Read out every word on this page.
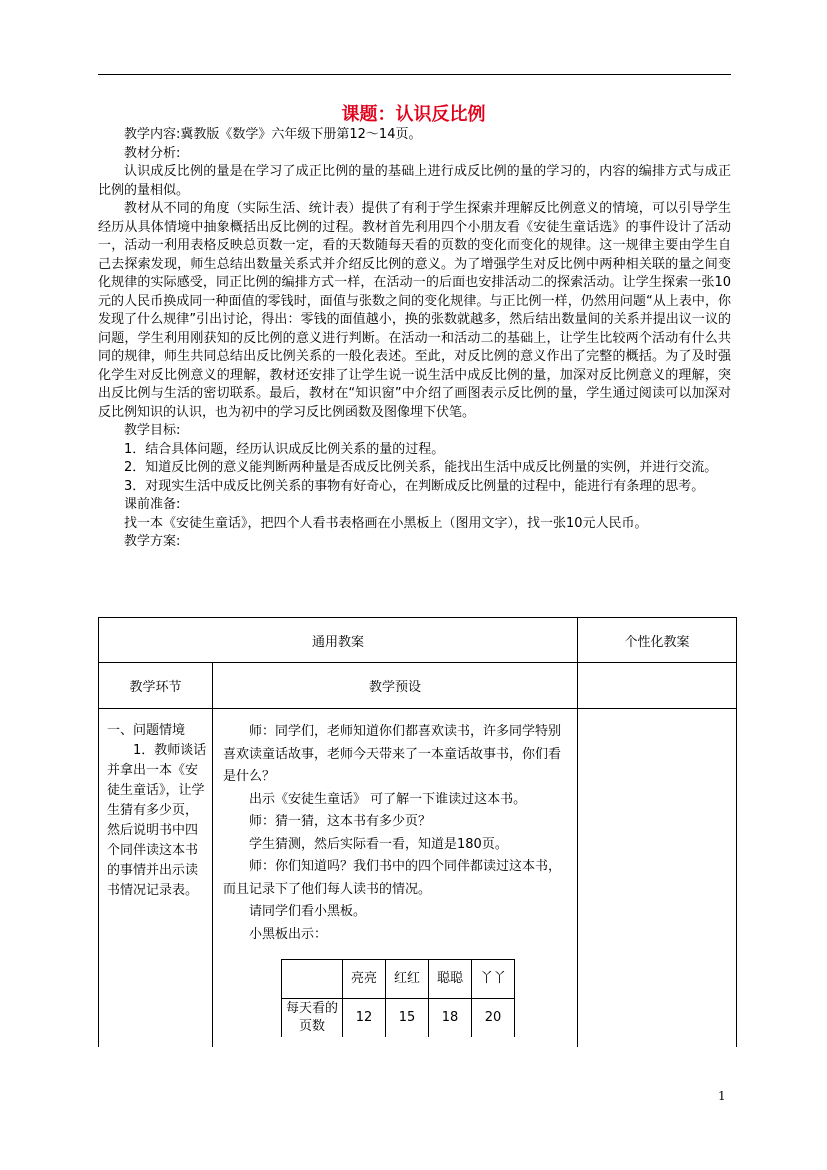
课题：认识反比例

教学内容:冀教版《数学》六年级下册第12～14页。

教材分析:

认识成反比例的量是在学习了成正比例的量的基础上进行成反比例的量的学习的，内容的编排方式与成正比例的量相似。

教材从不同的角度（实际生活、统计表）提供了有利于学生探索并理解反比例意义的情境，可以引导学生经历从具体情境中抽象概括出反比例的过程。教材首先利用四个小朋友看《安徒生童话选》的事件设计了活动一，活动一利用表格反映总页数一定，看的天数随每天看的页数的变化而变化的规律。这一规律主要由学生自己去探索发现，师生总结出数量关系式并介绍反比例的意义。为了增强学生对反比例中两种相关联的量之间变化规律的实际感受，同正比例的编排方式一样，在活动一的后面也安排活动二的探索活动。让学生探索一张10元的人民币换成同一种面值的零钱时，面值与张数之间的变化规律。与正比例一样，仍然用问题“从上表中，你发现了什么规律”引出讨论，得出：零钱的面值越小，换的张数就越多，然后结出数量间的关系并提出议一议的问题，学生利用刚获知的反比例的意义进行判断。在活动一和活动二的基础上，让学生比较两个活动有什么共同的规律，师生共同总结出反比例关系的一般化表述。至此，对反比例的意义作出了完整的概括。为了及时强化学生对反比例意义的理解，教材还安排了让学生说一说生活中成反比例的量，加深对反比例意义的理解，突出反比例与生活的密切联系。最后，教材在“知识窗”中介绍了画图表示反比例的量，学生通过阅读可以加深对反比例知识的认识，也为初中的学习反比例函数及图像埋下伏笔。

教学目标:

1．结合具体问题，经历认识成反比例关系的量的过程。

2．知道反比例的意义能判断两种量是否成反比例关系，能找出生活中成反比例量的实例，并进行交流。

3．对现实生活中成反比例关系的事物有好奇心，在判断成反比例量的过程中，能进行有条理的思考。

课前准备:

找一本《安徒生童话》，把四个人看书表格画在小黑板上（图用文字），找一张10元人民币。

教学方案:

通用教案	个性化教案
教学环节	教学预设	

一、问题情境
1．教师谈话并拿出一本《安徒生童话》，让学生猜有多少页，然后说明书中四个同伴读这本书的事情并出示读书情况记录表。

师：同学们，老师知道你们都喜欢读书，许多同学特别喜欢读童话故事，老师今天带来了一本童话故事书，你们看是什么？

出示《安徒生童话》 可了解一下谁读过这本书。

师：猜一猜，这本书有多少页？

学生猜测，然后实际看一看，知道是180页。

师：你们知道吗？我们书中的四个同伴都读过这本书，而且记录下了他们每人读书的情况。

请同学们看小黑板。

小黑板出示：

	亮亮	红红	聪聪	丫丫
每天看的页数	12	15	18	20

1
